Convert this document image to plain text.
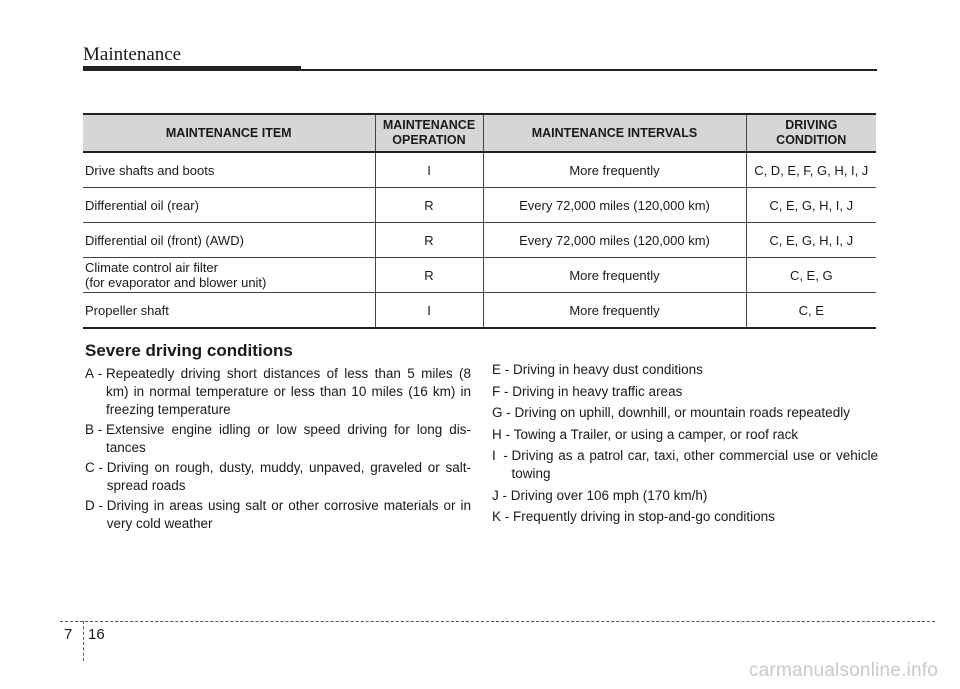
Maintenance
MAINTENANCE ITEM	MAINTENANCE OPERATION	MAINTENANCE INTERVALS	DRIVING CONDITION

Drive shafts and boots	I	More frequently	C, D, E, F, G, H, I, J

Differential oil (rear)	R	Every 72,000 miles (120,000 km)	C, E, G, H, I, J

Differential oil (front) (AWD)	R	Every 72,000 miles (120,000 km)	C, E, G, H, I, J

Climate control air filter
(for evaporator and blower unit)	R	More frequently	C, E, G

Propeller shaft	I	More frequently	C, E
Severe driving conditions
A - Repeatedly driving short distances of less than 5 miles (8 km) in normal temperature or less than 10 miles (16 km) in freezing temperature
B - Extensive engine idling or low speed driving for long dis-tances
C - Driving on rough, dusty, muddy, unpaved, graveled or salt-spread roads
D - Driving in areas using salt or other corrosive materials or in very cold weather
E - Driving in heavy dust conditions
F - Driving in heavy traffic areas
G - Driving on uphill, downhill, or mountain roads repeatedly
H - Towing a Trailer, or using a camper, or roof rack
I - Driving as a patrol car, taxi, other commercial use or vehicle towing
J - Driving over 106 mph (170 km/h)
K - Frequently driving in stop-and-go conditions
7 16
carmanualsonline.info
